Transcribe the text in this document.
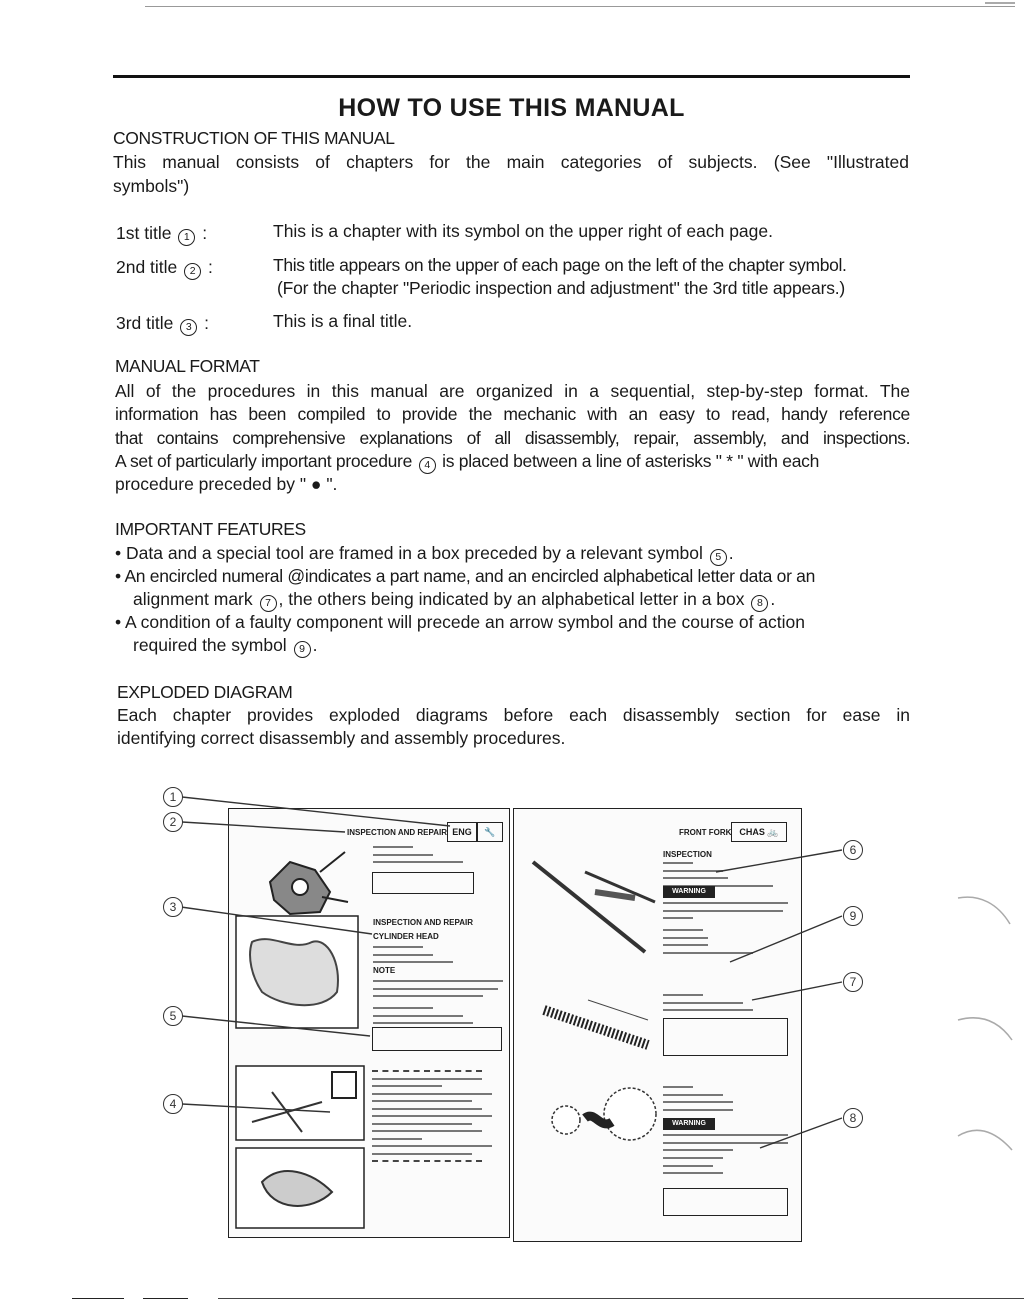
HOW TO USE THIS MANUAL
CONSTRUCTION OF THIS MANUAL
This manual consists of chapters for the main categories of subjects. (See "Illustrated
symbols")
1st title 1 :	This is a chapter with its symbol on the upper right of each page.
2nd title 2 :	This title appears on the upper of each page on the left of the chapter symbol.
(For the chapter "Periodic inspection and adjustment" the 3rd title appears.)
3rd title 3 :	This is a final title.
MANUAL FORMAT
All of the procedures in this manual are organized in a sequential, step-by-step format. The
information has been compiled to provide the mechanic with an easy to read, handy reference
that contains comprehensive explanations of all disassembly, repair, assembly, and inspections.
A set of particularly important procedure 4 is placed between a line of asterisks " * " with each
procedure preceded by " ● ".
IMPORTANT FEATURES
• Data and a special tool are framed in a box preceded by a relevant symbol 5 .
• An encircled numeral @indicates a part name, and an encircled alphabetical letter data or an
alignment mark 7 , the others being indicated by an alphabetical letter in a box 8 .
• A condition of a faulty component will precede an arrow symbol and the course of action
required the symbol 9 .
EXPLODED DIAGRAM
Each chapter provides exploded diagrams before each disassembly section for ease in
identifying correct disassembly and assembly procedures.
INSPECTION AND REPAIR ENG	🔧
INSPECTION AND REPAIR
CYLINDER HEAD
NOTE
FRONT FORK CHAS 🚲
INSPECTION
WARNING
WARNING
1
2
3
4
5
6
7
8
9
